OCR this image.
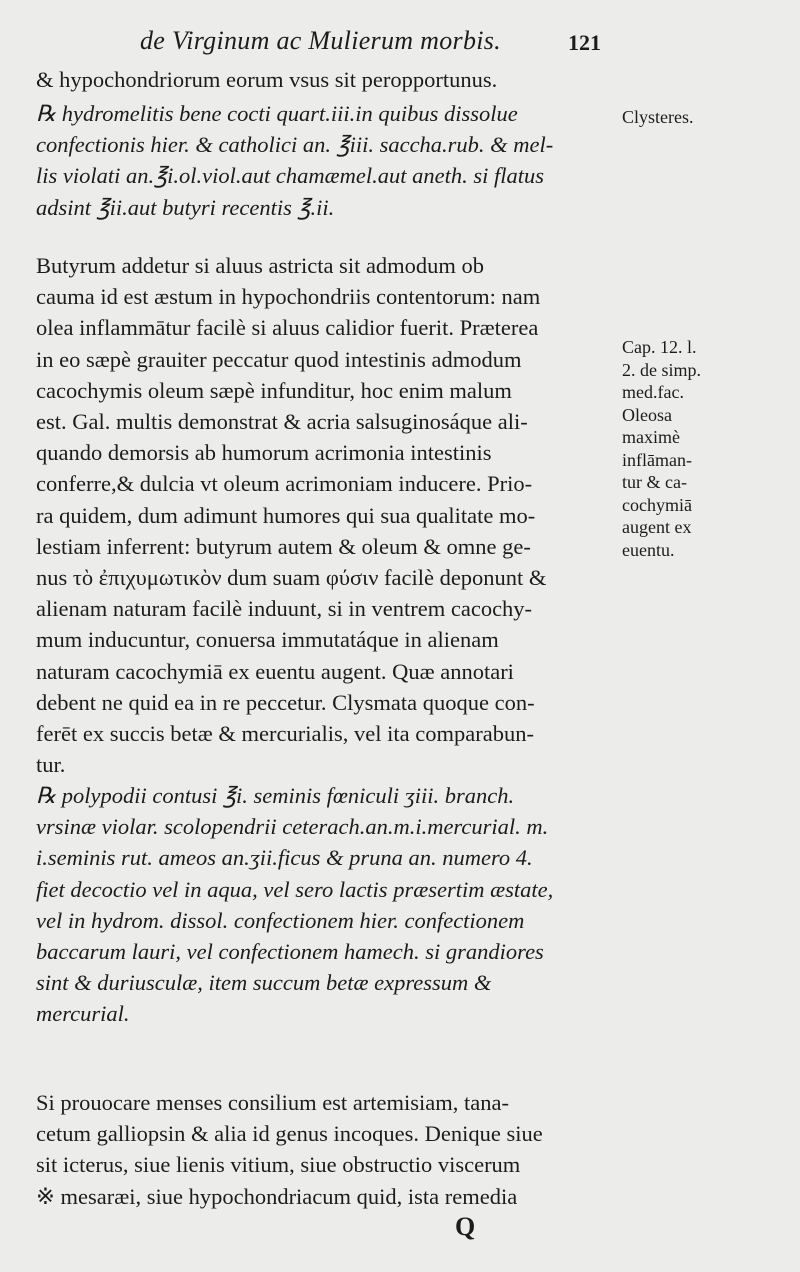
de Virginum ac Mulierum morbis.	121
& hypochondriorum eorum vsus sit peropportunus.
℞ hydromelitis bene cocti quart.iii.in quibus dissolue
confectionis hier. & catholici an. ℥iii. saccha.rub. & mel-
lis violati an.℥i.ol.viol.aut chamæmel.aut aneth. si flatus
adsint ℥ii.aut butyri recentis ℥.ii.
Butyrum addetur si aluus astricta sit admodum ob
cauma id est æstum in hypochondriis contentorum: nam
olea inflammātur facilè si aluus calidior fuerit. Præterea
in eo sæpè grauiter peccatur quod intestinis admodum
cacochymis oleum sæpè infunditur, hoc enim malum
est. Gal. multis demonstrat & acria salsuginosáque ali-
quando demorsis ab humorum acrimonia intestinis
conferre,& dulcia vt oleum acrimoniam inducere. Prio-
ra quidem, dum adimunt humores qui sua qualitate mo-
lestiam inferrent: butyrum autem & oleum & omne ge-
nus τὸ ἐπιχυμωτικὸν dum suam φύσιν facilè deponunt &
alienam naturam facilè induunt, si in ventrem cacochy-
mum inducuntur, conuersa immutatáque in alienam
naturam cacochymiā ex euentu augent. Quæ annotari
debent ne quid ea in re peccetur. Clysmata quoque con-
ferēt ex succis betæ & mercurialis, vel ita comparabun-
tur.
℞ polypodii contusi ℥i. seminis fœniculi ʒiii. branch.
vrsinæ violar. scolopendrii ceterach.an.m.i.mercurial. m.
i.seminis rut. ameos an.ʒii.ficus & pruna an. numero 4.
fiet decoctio vel in aqua, vel sero lactis præsertim æstate,
vel in hydrom. dissol. confectionem hier. confectionem
baccarum lauri, vel confectionem hamech. si grandiores
sint & duriusculæ, item succum betæ expressum &
mercurial.
Si prouocare menses consilium est artemisiam, tana-
cetum galliopsin & alia id genus incoques. Denique siue
sit icterus, siue lienis vitium, siue obstructio viscerum
※ mesaræi, siue hypochondriacum quid, ista remedia
Clysteres.
Cap. 12. l.
2. de simp.
med.fac.
Oleosa
maximè
inflāman-
tur & ca-
cochymiā
augent ex
euentu.
Q
